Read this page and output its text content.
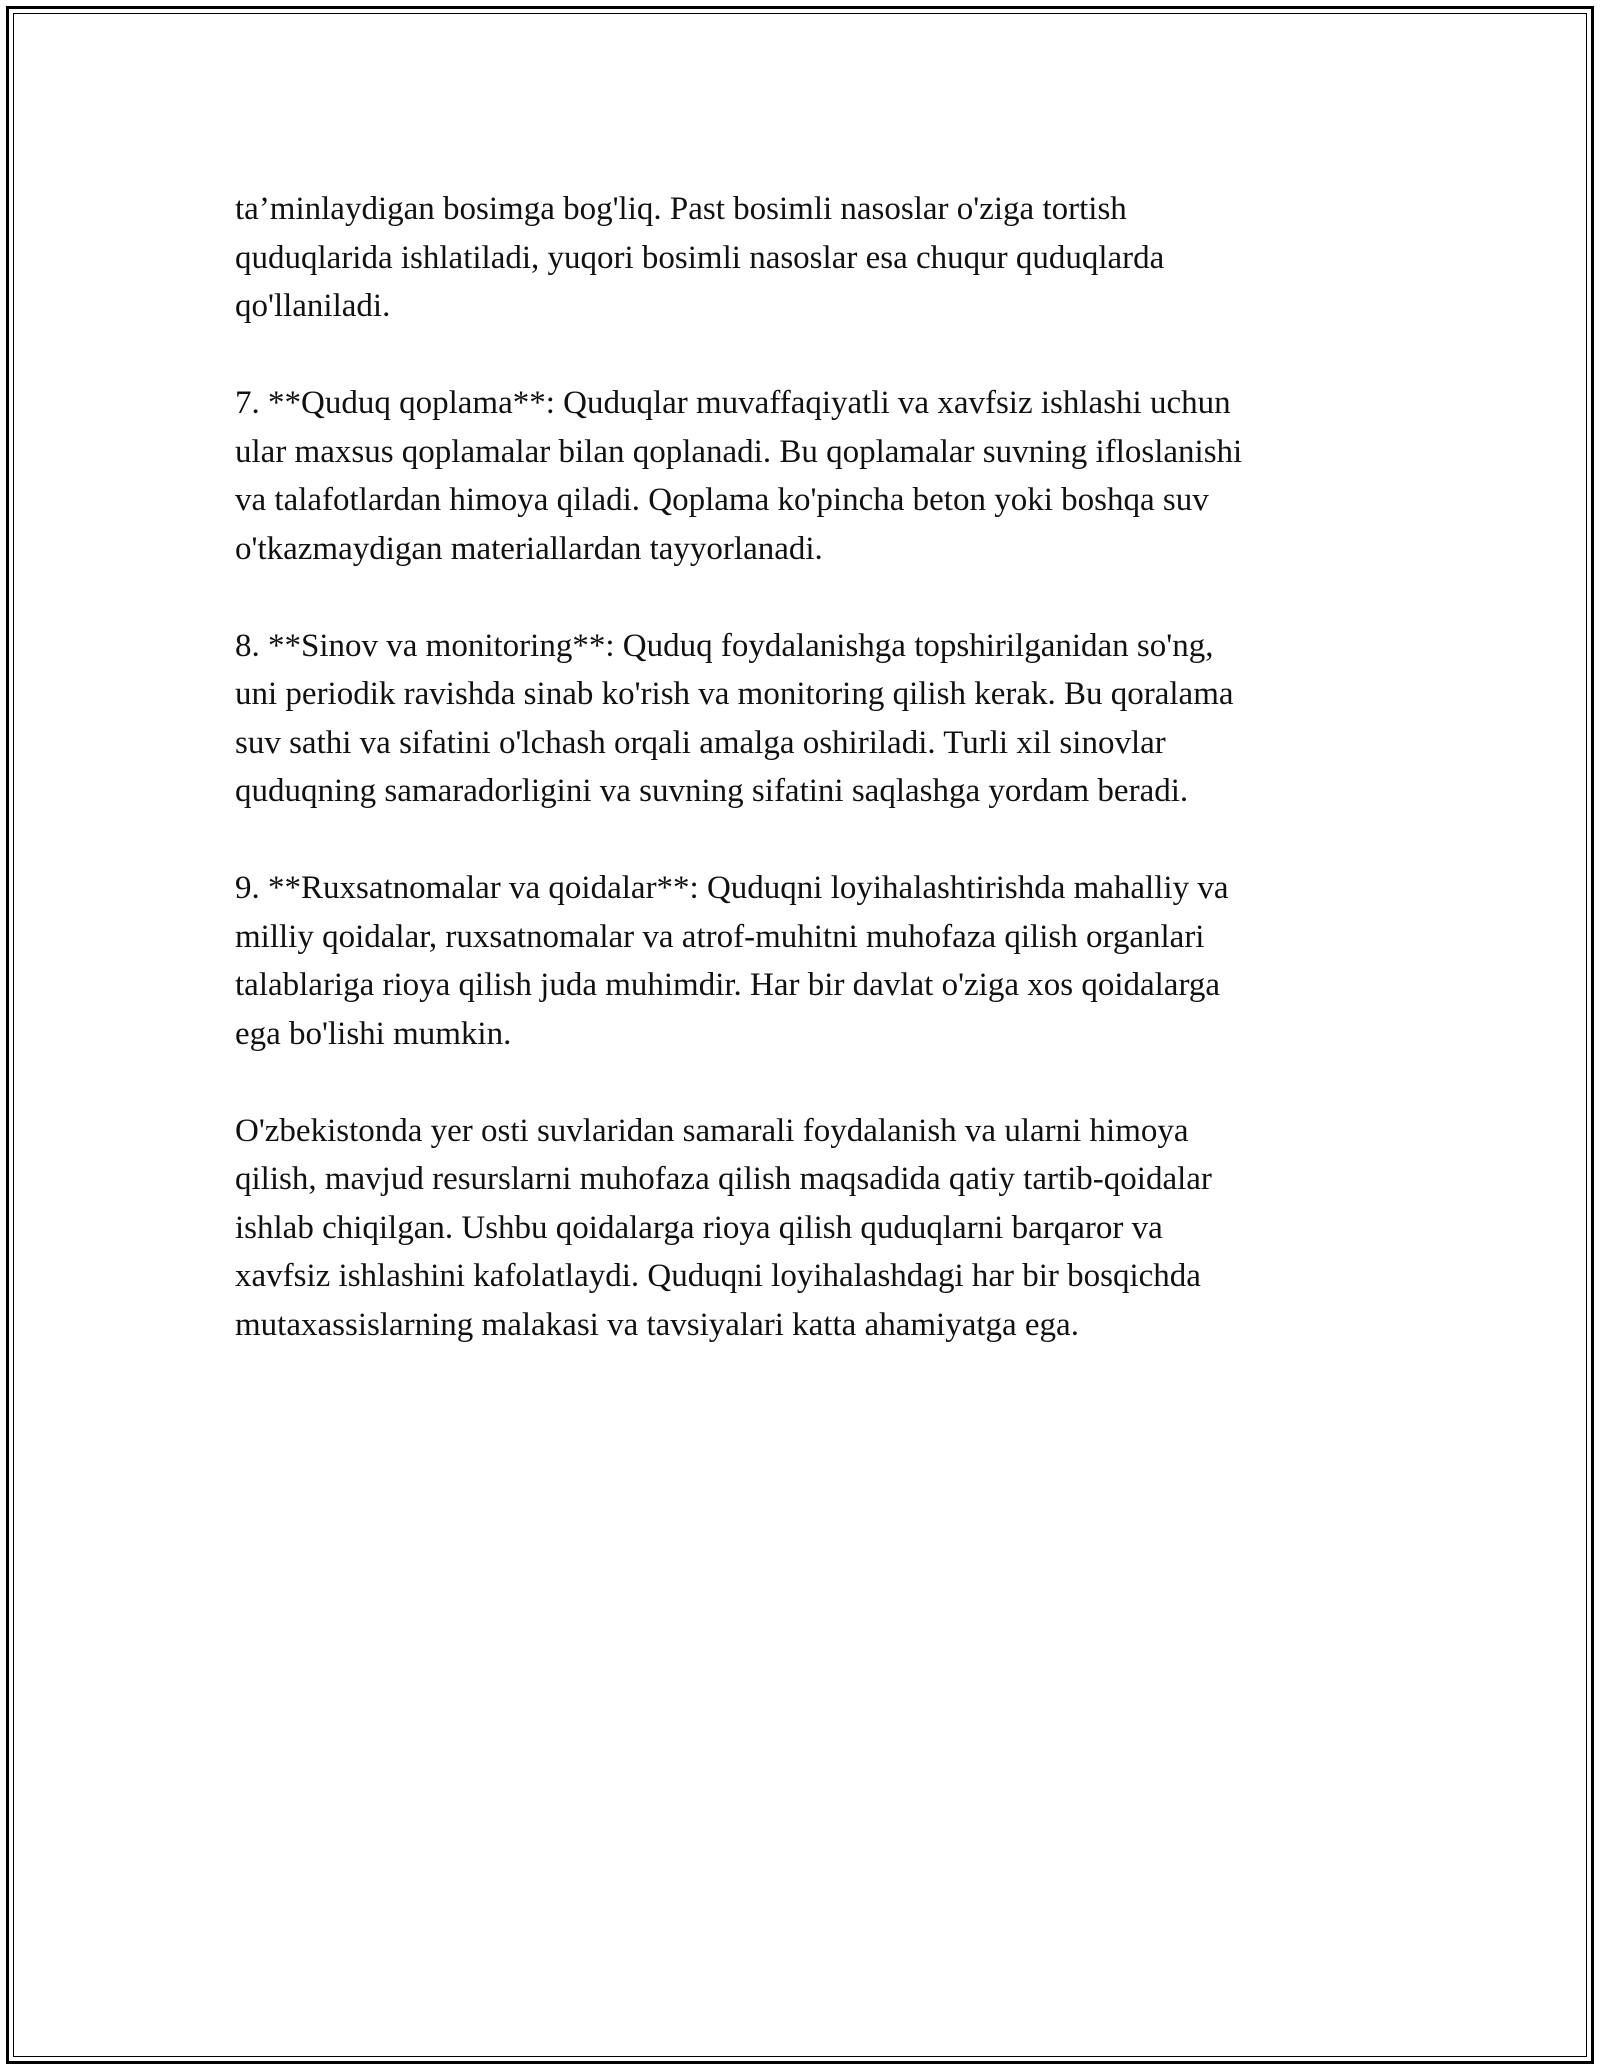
ta’minlaydigan bosimga bog'liq. Past bosimli nasoslar o'ziga tortish
quduqlarida ishlatiladi, yuqori bosimli nasoslar esa chuqur quduqlarda
qo'llaniladi.

7. **Quduq qoplama**: Quduqlar muvaffaqiyatli va xavfsiz ishlashi uchun
ular maxsus qoplamalar bilan qoplanadi. Bu qoplamalar suvning ifloslanishi
va talafotlardan himoya qiladi. Qoplama ko'pincha beton yoki boshqa suv
o'tkazmaydigan materiallardan tayyorlanadi.

8. **Sinov va monitoring**: Quduq foydalanishga topshirilganidan so'ng,
uni periodik ravishda sinab ko'rish va monitoring qilish kerak. Bu qoralama
suv sathi va sifatini o'lchash orqali amalga oshiriladi. Turli xil sinovlar
quduqning samaradorligini va suvning sifatini saqlashga yordam beradi.

9. **Ruxsatnomalar va qoidalar**: Quduqni loyihalashtirishda mahalliy va
milliy qoidalar, ruxsatnomalar va atrof-muhitni muhofaza qilish organlari
talablariga rioya qilish juda muhimdir. Har bir davlat o'ziga xos qoidalarga
ega bo'lishi mumkin.

O'zbekistonda yer osti suvlaridan samarali foydalanish va ularni himoya
qilish, mavjud resurslarni muhofaza qilish maqsadida qatiy tartib-qoidalar
ishlab chiqilgan. Ushbu qoidalarga rioya qilish quduqlarni barqaror va
xavfsiz ishlashini kafolatlaydi. Quduqni loyihalashdagi har bir bosqichda
mutaxassislarning malakasi va tavsiyalari katta ahamiyatga ega.
